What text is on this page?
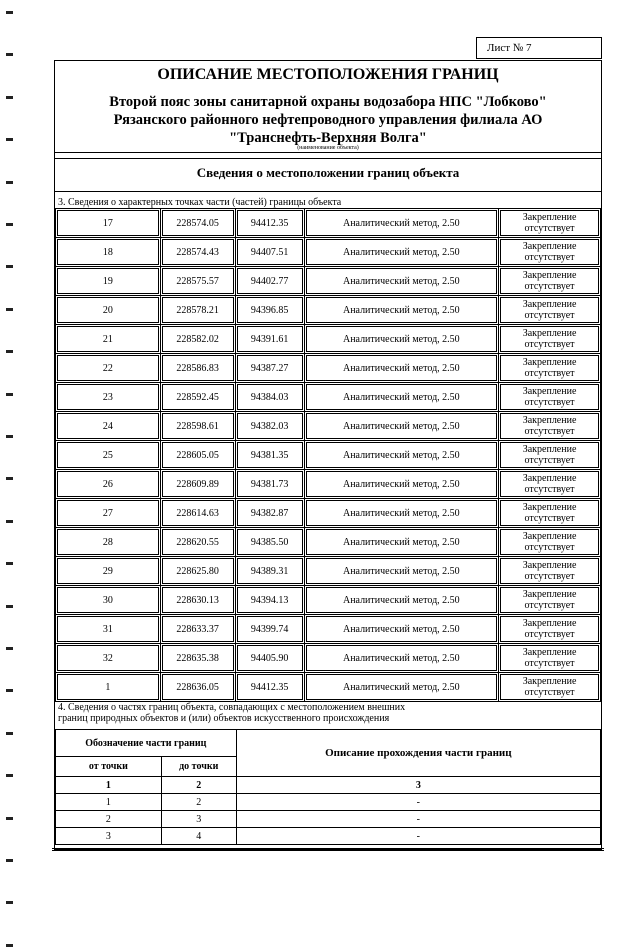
Лист № 7
ОПИСАНИЕ МЕСТОПОЛОЖЕНИЯ ГРАНИЦ
Второй пояс зоны санитарной охраны водозабора НПС "Лобково"
Рязанского районного нефтепроводного управления филиала АО
"Транснефть-Верхняя Волга"
(наименование объекта)
Сведения о местоположении границ объекта
3. Сведения о характерных точках части (частей) границы объекта
17	228574.05	94412.35	Аналитический метод, 2.50	Закрепление
отсутствует

18	228574.43	94407.51	Аналитический метод, 2.50	Закрепление
отсутствует

19	228575.57	94402.77	Аналитический метод, 2.50	Закрепление
отсутствует

20	228578.21	94396.85	Аналитический метод, 2.50	Закрепление
отсутствует

21	228582.02	94391.61	Аналитический метод, 2.50	Закрепление
отсутствует

22	228586.83	94387.27	Аналитический метод, 2.50	Закрепление
отсутствует

23	228592.45	94384.03	Аналитический метод, 2.50	Закрепление
отсутствует

24	228598.61	94382.03	Аналитический метод, 2.50	Закрепление
отсутствует

25	228605.05	94381.35	Аналитический метод, 2.50	Закрепление
отсутствует

26	228609.89	94381.73	Аналитический метод, 2.50	Закрепление
отсутствует

27	228614.63	94382.87	Аналитический метод, 2.50	Закрепление
отсутствует

28	228620.55	94385.50	Аналитический метод, 2.50	Закрепление
отсутствует

29	228625.80	94389.31	Аналитический метод, 2.50	Закрепление
отсутствует

30	228630.13	94394.13	Аналитический метод, 2.50	Закрепление
отсутствует

31	228633.37	94399.74	Аналитический метод, 2.50	Закрепление
отсутствует

32	228635.38	94405.90	Аналитический метод, 2.50	Закрепление
отсутствует

1	228636.05	94412.35	Аналитический метод, 2.50	Закрепление
отсутствует
4. Сведения о частях границ объекта, совпадающих с местоположением внешних
границ природных объектов и (или) объектов искусственного происхождения
Обозначение части границ		Описание прохождения части границ
от точки	до точки	
1	2	3
1	2	-
2	3	-
3	4	-
